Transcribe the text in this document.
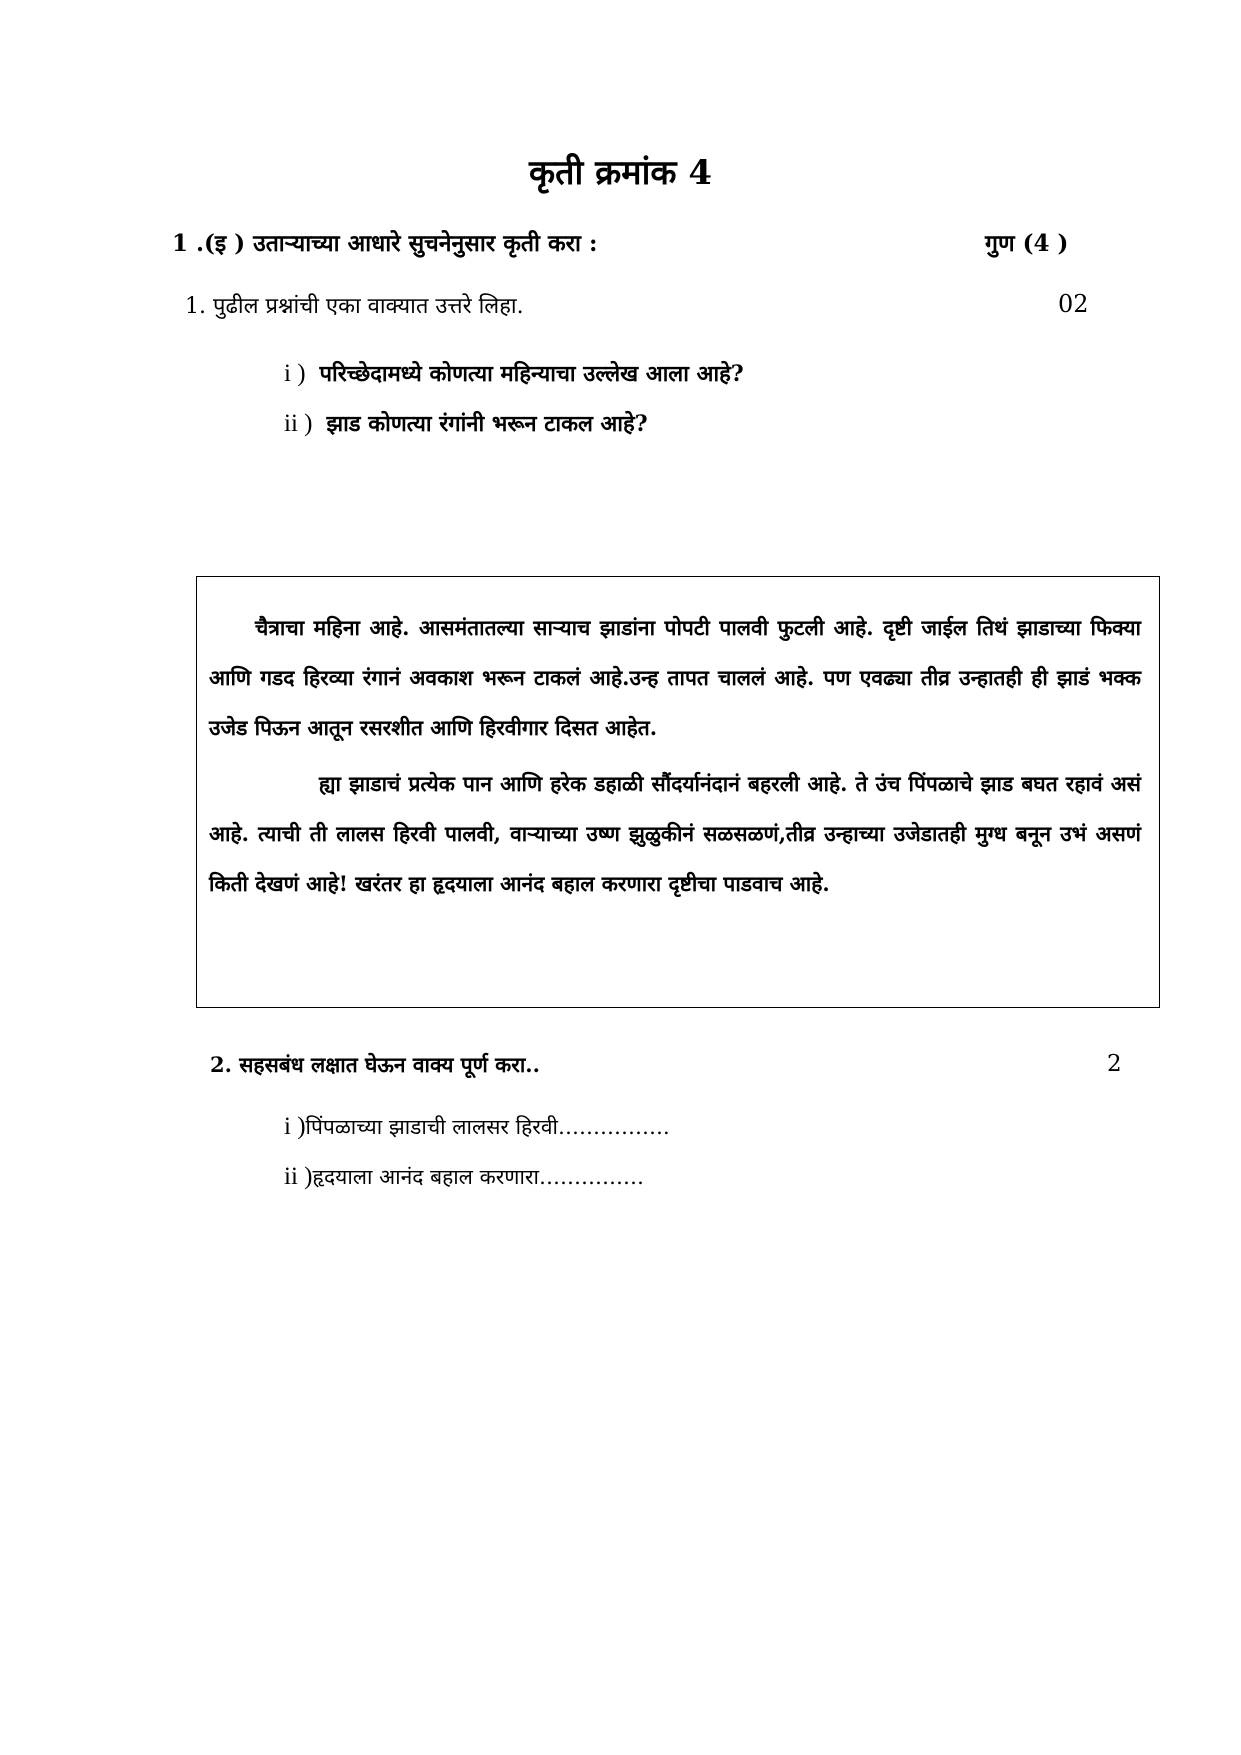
कृती क्रमांक 4
1 .(इ ) उताऱ्याच्या आधारे सुचनेनुसार कृती करा :	गुण (4 )
1. पुढील प्रश्नांची एका वाक्यात उत्तरे लिहा.	02
i ) परिच्छेदामध्ये कोणत्या महिन्याचा उल्लेख आला आहे?
ii ) झाड कोणत्या रंगांनी भरून टाकल आहे?

चैत्राचा महिना आहे. आसमंतातल्या साऱ्याच झाडांना पोपटी पालवी फुटली आहे. दृष्टी जाईल तिथं झाडाच्या फिक्या आणि गडद हिरव्या रंगानं अवकाश भरून टाकलं आहे.उन्ह तापत चाललं आहे. पण एवढ्या तीव्र उन्हातही ही झाडं भक्क उजेड पिऊन आतून रसरशीत आणि हिरवीगार दिसत आहेत.

ह्या झाडाचं प्रत्येक पान आणि हरेक डहाळी सौंदर्यानंदानं बहरली आहे. ते उंच पिंपळाचे झाड बघत रहावं असं आहे. त्याची ती लालस हिरवी पालवी, वाऱ्याच्या उष्ण झुळुकीनं सळसळणं,तीव्र उन्हाच्या उजेडातही मुग्ध बनून उभं असणं किती देखणं आहे! खरंतर हा हृदयाला आनंद बहाल करणारा दृष्टीचा पाडवाच आहे.

2. सहसबंध लक्षात घेऊन वाक्य पूर्ण करा..	2
i )पिंपळाच्या झाडाची लालसर हिरवी…………….
ii )हृदयाला आनंद बहाल करणारा……………
